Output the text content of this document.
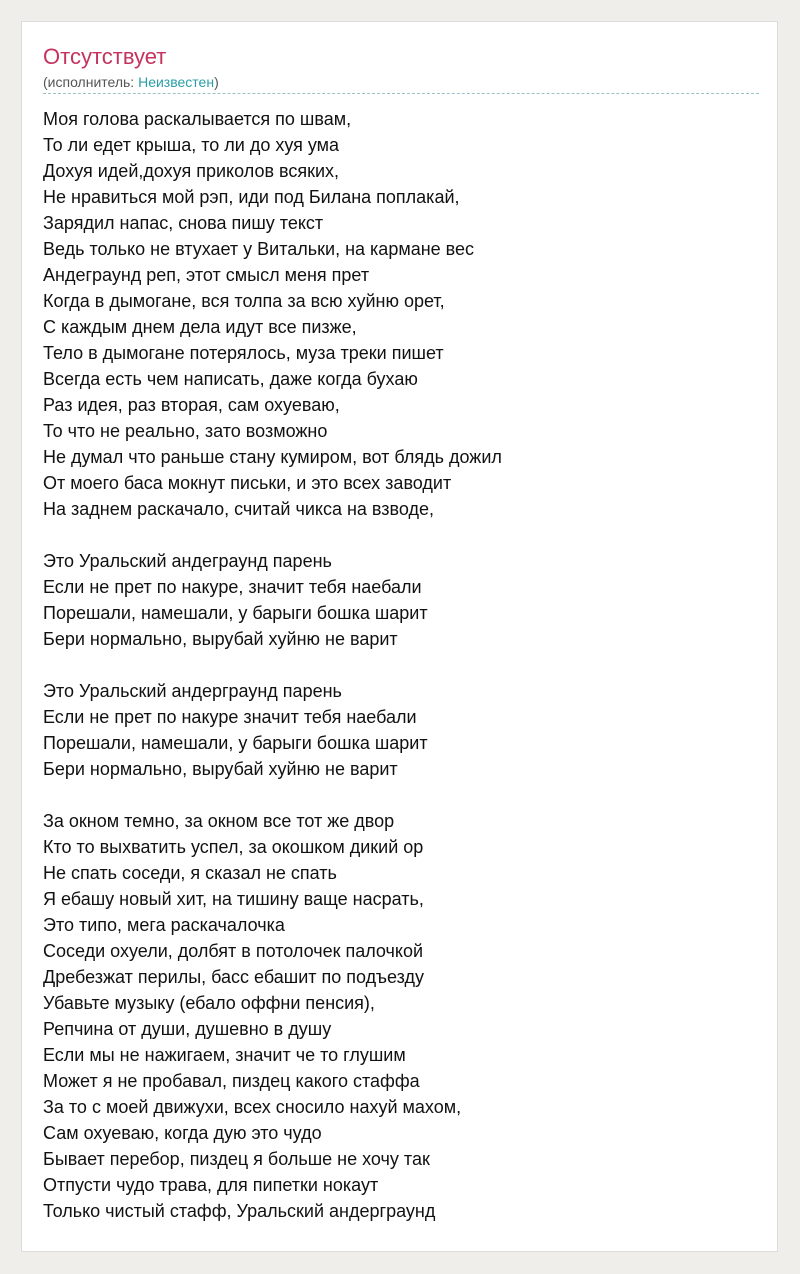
Отсутствует
(исполнитель: Неизвестен)
Моя голова раскалывается по швам,
То ли едет крыша, то ли до хуя ума
Дохуя идей,дохуя приколов всяких,
Не нравиться мой рэп, иди под Билана поплакай,
Зарядил напас, снова пишу текст
Ведь только не втухает у Витальки, на кармане вес
Андеграунд реп, этот смысл меня прет
Когда в дымогане, вся толпа за всю хуйню орет,
С каждым днем дела идут все пизже,
Тело в дымогане потерялось, муза треки пишет
Всегда есть чем написать, даже когда бухаю
Раз идея, раз вторая, сам охуеваю,
То что не реально, зато возможно
Не думал что раньше стану кумиром, вот блядь дожил
От моего баса мокнут письки, и это всех заводит
На заднем раскачало, считай чикса на взводе,
Это Уральский андеграунд парень
Если не прет по накуре, значит тебя наебали
Порешали, намешали, у барыги бошка шарит
Бери нормально, вырубай хуйню не варит
Это Уральский андерграунд парень
Если не прет по накуре значит тебя наебали
Порешали, намешали, у барыги бошка шарит
Бери нормально, вырубай хуйню не варит
За окном темно, за окном все тот же двор
Кто то выхватить успел, за окошком дикий ор
Не спать соседи, я сказал не спать
Я ебашу новый хит, на тишину ваще насрать,
Это типо, мега раскачалочка
Соседи охуели, долбят в потолочек палочкой
Дребезжат перилы, басс ебашит по подъезду
Убавьте музыку (ебало оффни пенсия),
Репчина от души, душевно в душу
Если мы не нажигаем, значит че то глушим
Может я не пробавал, пиздец какого стаффа
За то с моей движухи, всех сносило нахуй махом,
Сам охуеваю, когда дую это чудо
Бывает перебор, пиздец я больше не хочу так
Отпусти чудо трава, для пипетки нокаут
Только чистый стафф, Уральский андерграунд
